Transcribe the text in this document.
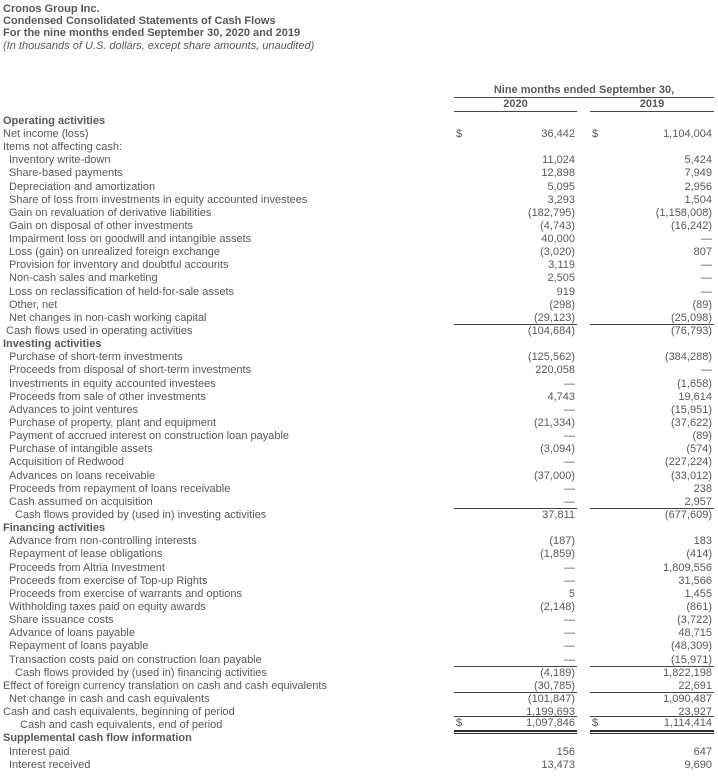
Cronos Group Inc.
Condensed Consolidated Statements of Cash Flows
For the nine months ended September 30, 2020 and 2019
(In thousands of U.S. dollars, except share amounts, unaudited)
Nine months ended September 30,
2020	2019
Operating activities
Net income (loss)	$	36,442 $	1,104,004
Items not affecting cash:
Inventory write-down	11,024	5,424
Share-based payments	12,898	7,949
Depreciation and amortization	5,095	2,956
Share of loss from investments in equity accounted investees	3,293	1,504
Gain on revaluation of derivative liabilities	(182,795)	(1,158,008)
Gain on disposal of other investments	(4,743)	(16,242)
Impairment loss on goodwill and intangible assets	40,000	—
Loss (gain) on unrealized foreign exchange	(3,020)	807
Provision for inventory and doubtful accounts	3,119	—
Non-cash sales and marketing	2,505	—
Loss on reclassification of held-for-sale assets	919	—
Other, net	(298)	(89)
Net changes in non-cash working capital	(29,123)	(25,098)
Cash flows used in operating activities	(104,684)	(76,793)
Investing activities
Purchase of short-term investments	(125,562)	(384,288)
Proceeds from disposal of short-term investments	220,058	—
Investments in equity accounted investees	—	(1,658)
Proceeds from sale of other investments	4,743	19,614
Advances to joint ventures	—	(15,951)
Purchase of property, plant and equipment	(21,334)	(37,622)
Payment of accrued interest on construction loan payable	—	(89)
Purchase of intangible assets	(3,094)	(574)
Acquisition of Redwood	—	(227,224)
Advances on loans receivable	(37,000)	(33,012)
Proceeds from repayment of loans receivable	—	238
Cash assumed on acquisition	—	2,957
Cash flows provided by (used in) investing activities	37,811	(677,609)
Financing activities
Advance from non-controlling interests	(187)	183
Repayment of lease obligations	(1,859)	(414)
Proceeds from Altria Investment	—	1,809,556
Proceeds from exercise of Top-up Rights	—	31,566
Proceeds from exercise of warrants and options	5	1,455
Withholding taxes paid on equity awards	(2,148)	(861)
Share issuance costs	—	(3,722)
Advance of loans payable	—	48,715
Repayment of loans payable	—	(48,309)
Transaction costs paid on construction loan payable	—	(15,971)
Cash flows provided by (used in) financing activities	(4,189)	1,822,198
Effect of foreign currency translation on cash and cash equivalents	(30,785)	22,691
Net change in cash and cash equivalents	(101,847)	1,090,487
Cash and cash equivalents, beginning of period	1,199,693	23,927
Cash and cash equivalents, end of period	$	1,097,846 $	1,114,414
Supplemental cash flow information
Interest paid	156	647
Interest received	13,473	9,690
